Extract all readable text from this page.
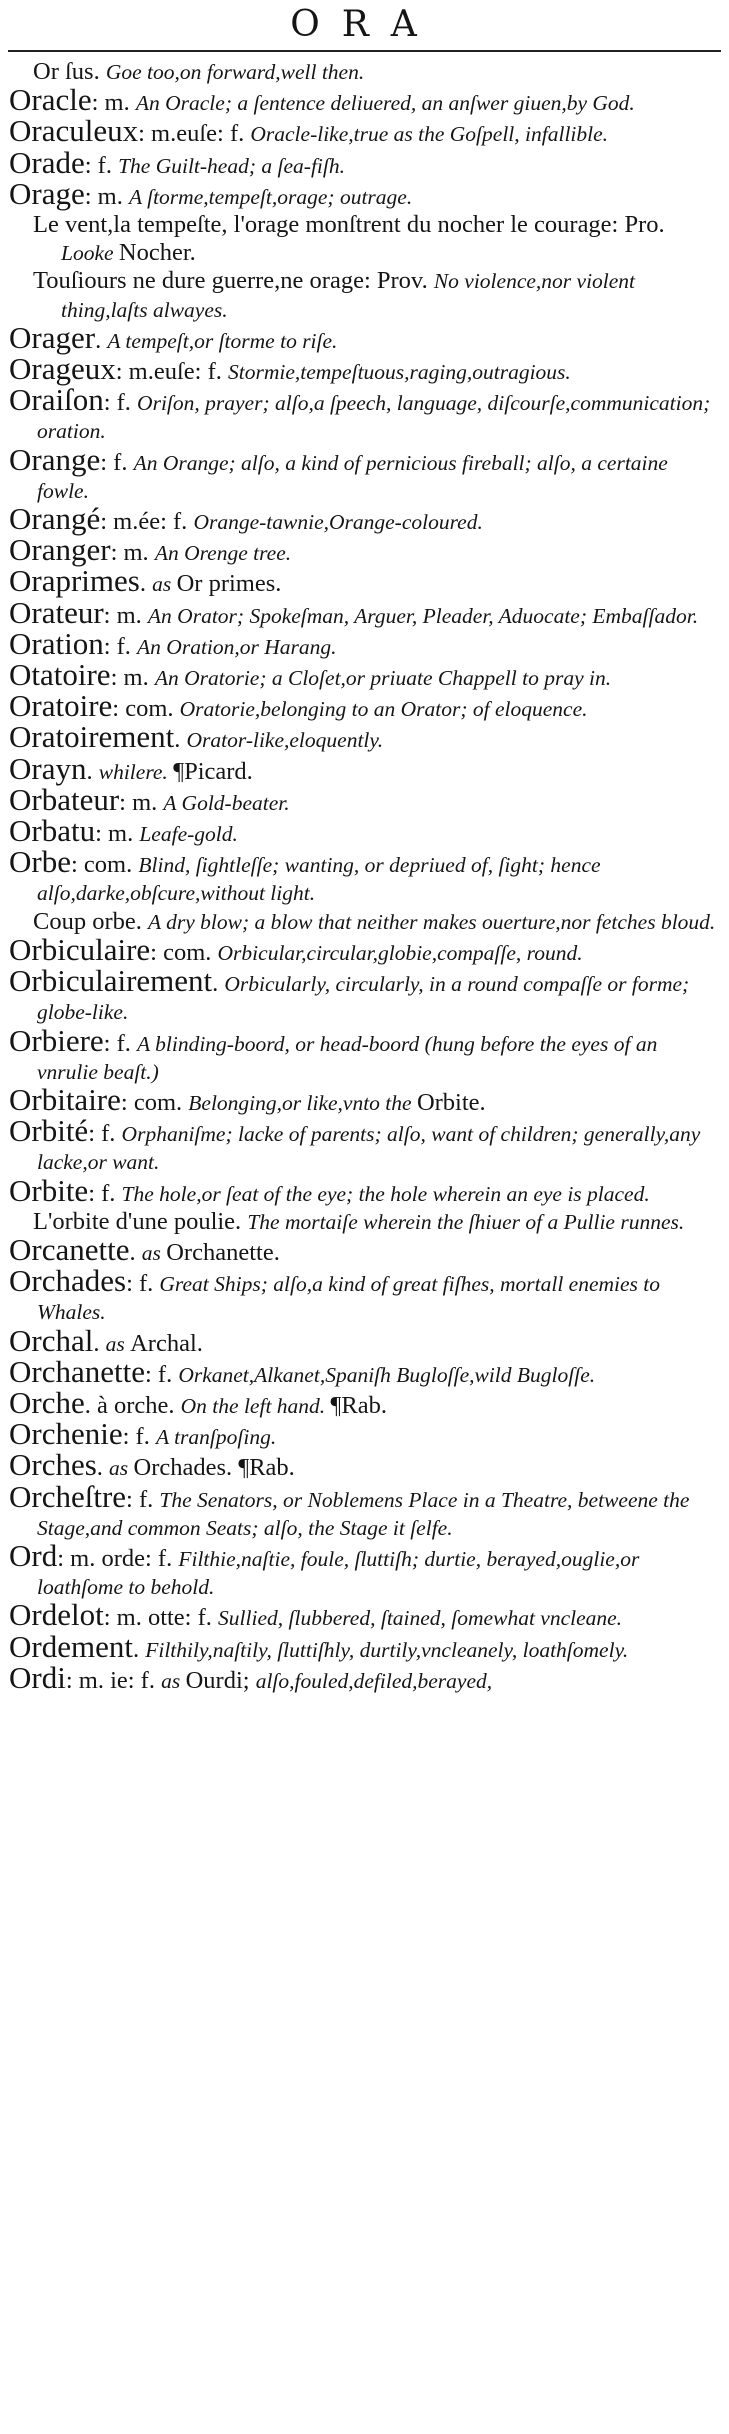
ORA
Or ſus. Goe too,on forward,well then.
Oracle: m. An Oracle; a ſentence deliuered, an anſwer giuen,by God.
Oraculeux: m.euſe: f. Oracle-like,true as the Goſpell, infallible.
Orade: f. The Guilt-head; a ſea-fiſh.
Orage: m. A ſtorme,tempeſt,orage; outrage.
Le vent,la tempeſte, l'orage monſtrent du nocher le courage: Pro. Looke Nocher.
Touſiours ne dure guerre,ne orage: Prov. No violence,nor violent thing,laſts alwayes.
Orager. A tempeſt,or ſtorme to riſe.
Orageux: m.euſe: f. Stormie,tempeſtuous,raging,outragious.
Oraiſon: f. Oriſon, prayer; alſo,a ſpeech, language, diſcourſe,communication; oration.
Orange: f. An Orange; alſo, a kind of pernicious fireball; alſo, a certaine fowle.
Orangé: m.ée: f. Orange-tawnie,Orange-coloured.
Oranger: m. An Orenge tree.
Oraprimes. as Or primes.
Orateur: m. An Orator; Spokeſman, Arguer, Pleader, Aduocate; Embaſſador.
Oration: f. An Oration,or Harang.
Otatoire: m. An Oratorie; a Cloſet,or priuate Chappell to pray in.
Oratoire: com. Oratorie,belonging to an Orator; of eloquence.
Oratoirement. Orator-like,eloquently.
Orayn. whilere. ¶Picard.
Orbateur: m. A Gold-beater.
Orbatu: m. Leafe-gold.
Orbe: com. Blind, ſightleſſe; wanting, or depriued of, ſight; hence alſo,darke,obſcure,without light.
Coup orbe. A dry blow; a blow that neither makes ouerture,nor fetches bloud.
Orbiculaire: com. Orbicular,circular,globie,compaſſe, round.
Orbiculairement. Orbicularly, circularly, in a round compaſſe or forme; globe-like.
Orbiere: f. A blinding-boord, or head-boord (hung before the eyes of an vnrulie beaſt.)
Orbitaire: com. Belonging,or like,vnto the Orbite.
Orbité: f. Orphaniſme; lacke of parents; alſo, want of children; generally,any lacke,or want.
Orbite: f. The hole,or ſeat of the eye; the hole wherein an eye is placed.
L'orbite d'une poulie. The mortaiſe wherein the ſhiuer of a Pullie runnes.
Orcanette. as Orchanette.
Orchades: f. Great Ships; alſo,a kind of great fiſhes, mortall enemies to Whales.
Orchal. as Archal.
Orchanette: f. Orkanet,Alkanet,Spaniſh Bugloſſe,wild Bugloſſe.
Orche. à orche. On the left hand. ¶Rab.
Orchenie: f. A tranſpoſing.
Orches. as Orchades. ¶Rab.
Orcheſtre: f. The Senators, or Noblemens Place in a Theatre, betweene the Stage,and common Seats; alſo, the Stage it ſelfe.
Ord: m. orde: f. Filthie,naſtie, foule, ſluttiſh; durtie, berayed,ouglie,or loathſome to behold.
Ordelot: m. otte: f. Sullied, ſlubbered, ſtained, ſomewhat vncleane.
Ordement. Filthily,naſtily, ſluttiſhly, durtily,vncleanely, loathſomely.
Ordi: m. ie: f. as Ourdi; alſo,fouled,defiled,berayed,
